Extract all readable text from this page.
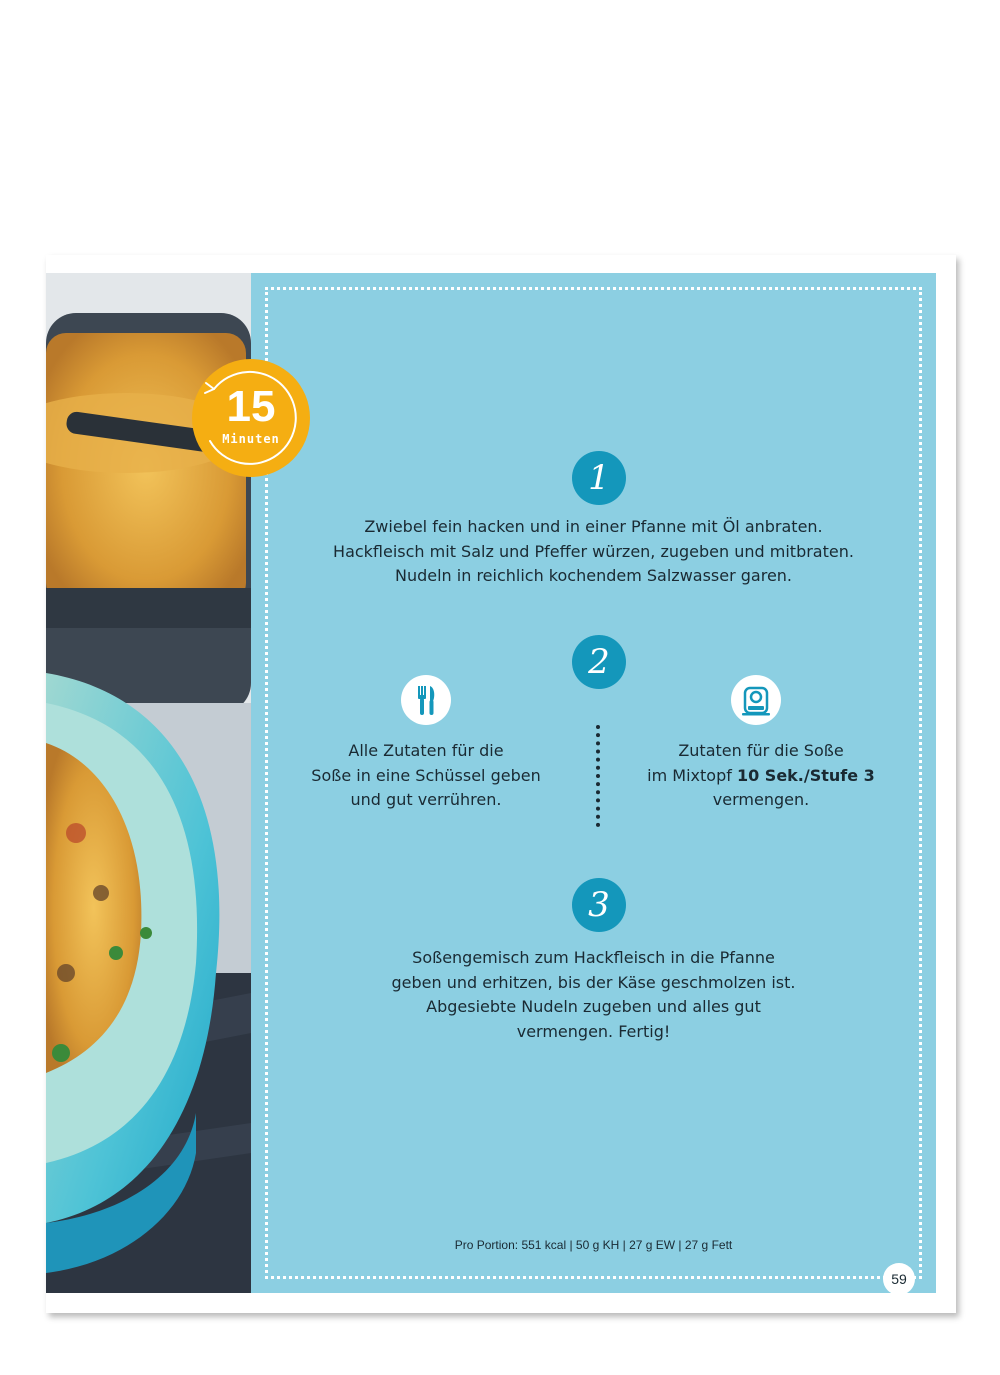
1
Zwiebel fein hacken und in einer Pfanne mit Öl anbraten.
Hackfleisch mit Salz und Pfeffer würzen, zugeben und mitbraten.
Nudeln in reichlich kochendem Salzwasser garen.
2
Alle Zutaten für die
Soße in eine Schüssel geben
und gut verrühren.
Zutaten für die Soße
im Mixtopf 10 Sek./Stufe 3
vermengen.
3
Soßengemisch zum Hackfleisch in die Pfanne
geben und erhitzen, bis der Käse geschmolzen ist.
Abgesiebte Nudeln zugeben und alles gut
vermengen. Fertig!
Pro Portion: 551 kcal | 50 g KH | 27 g EW | 27 g Fett
59
15
Minuten
